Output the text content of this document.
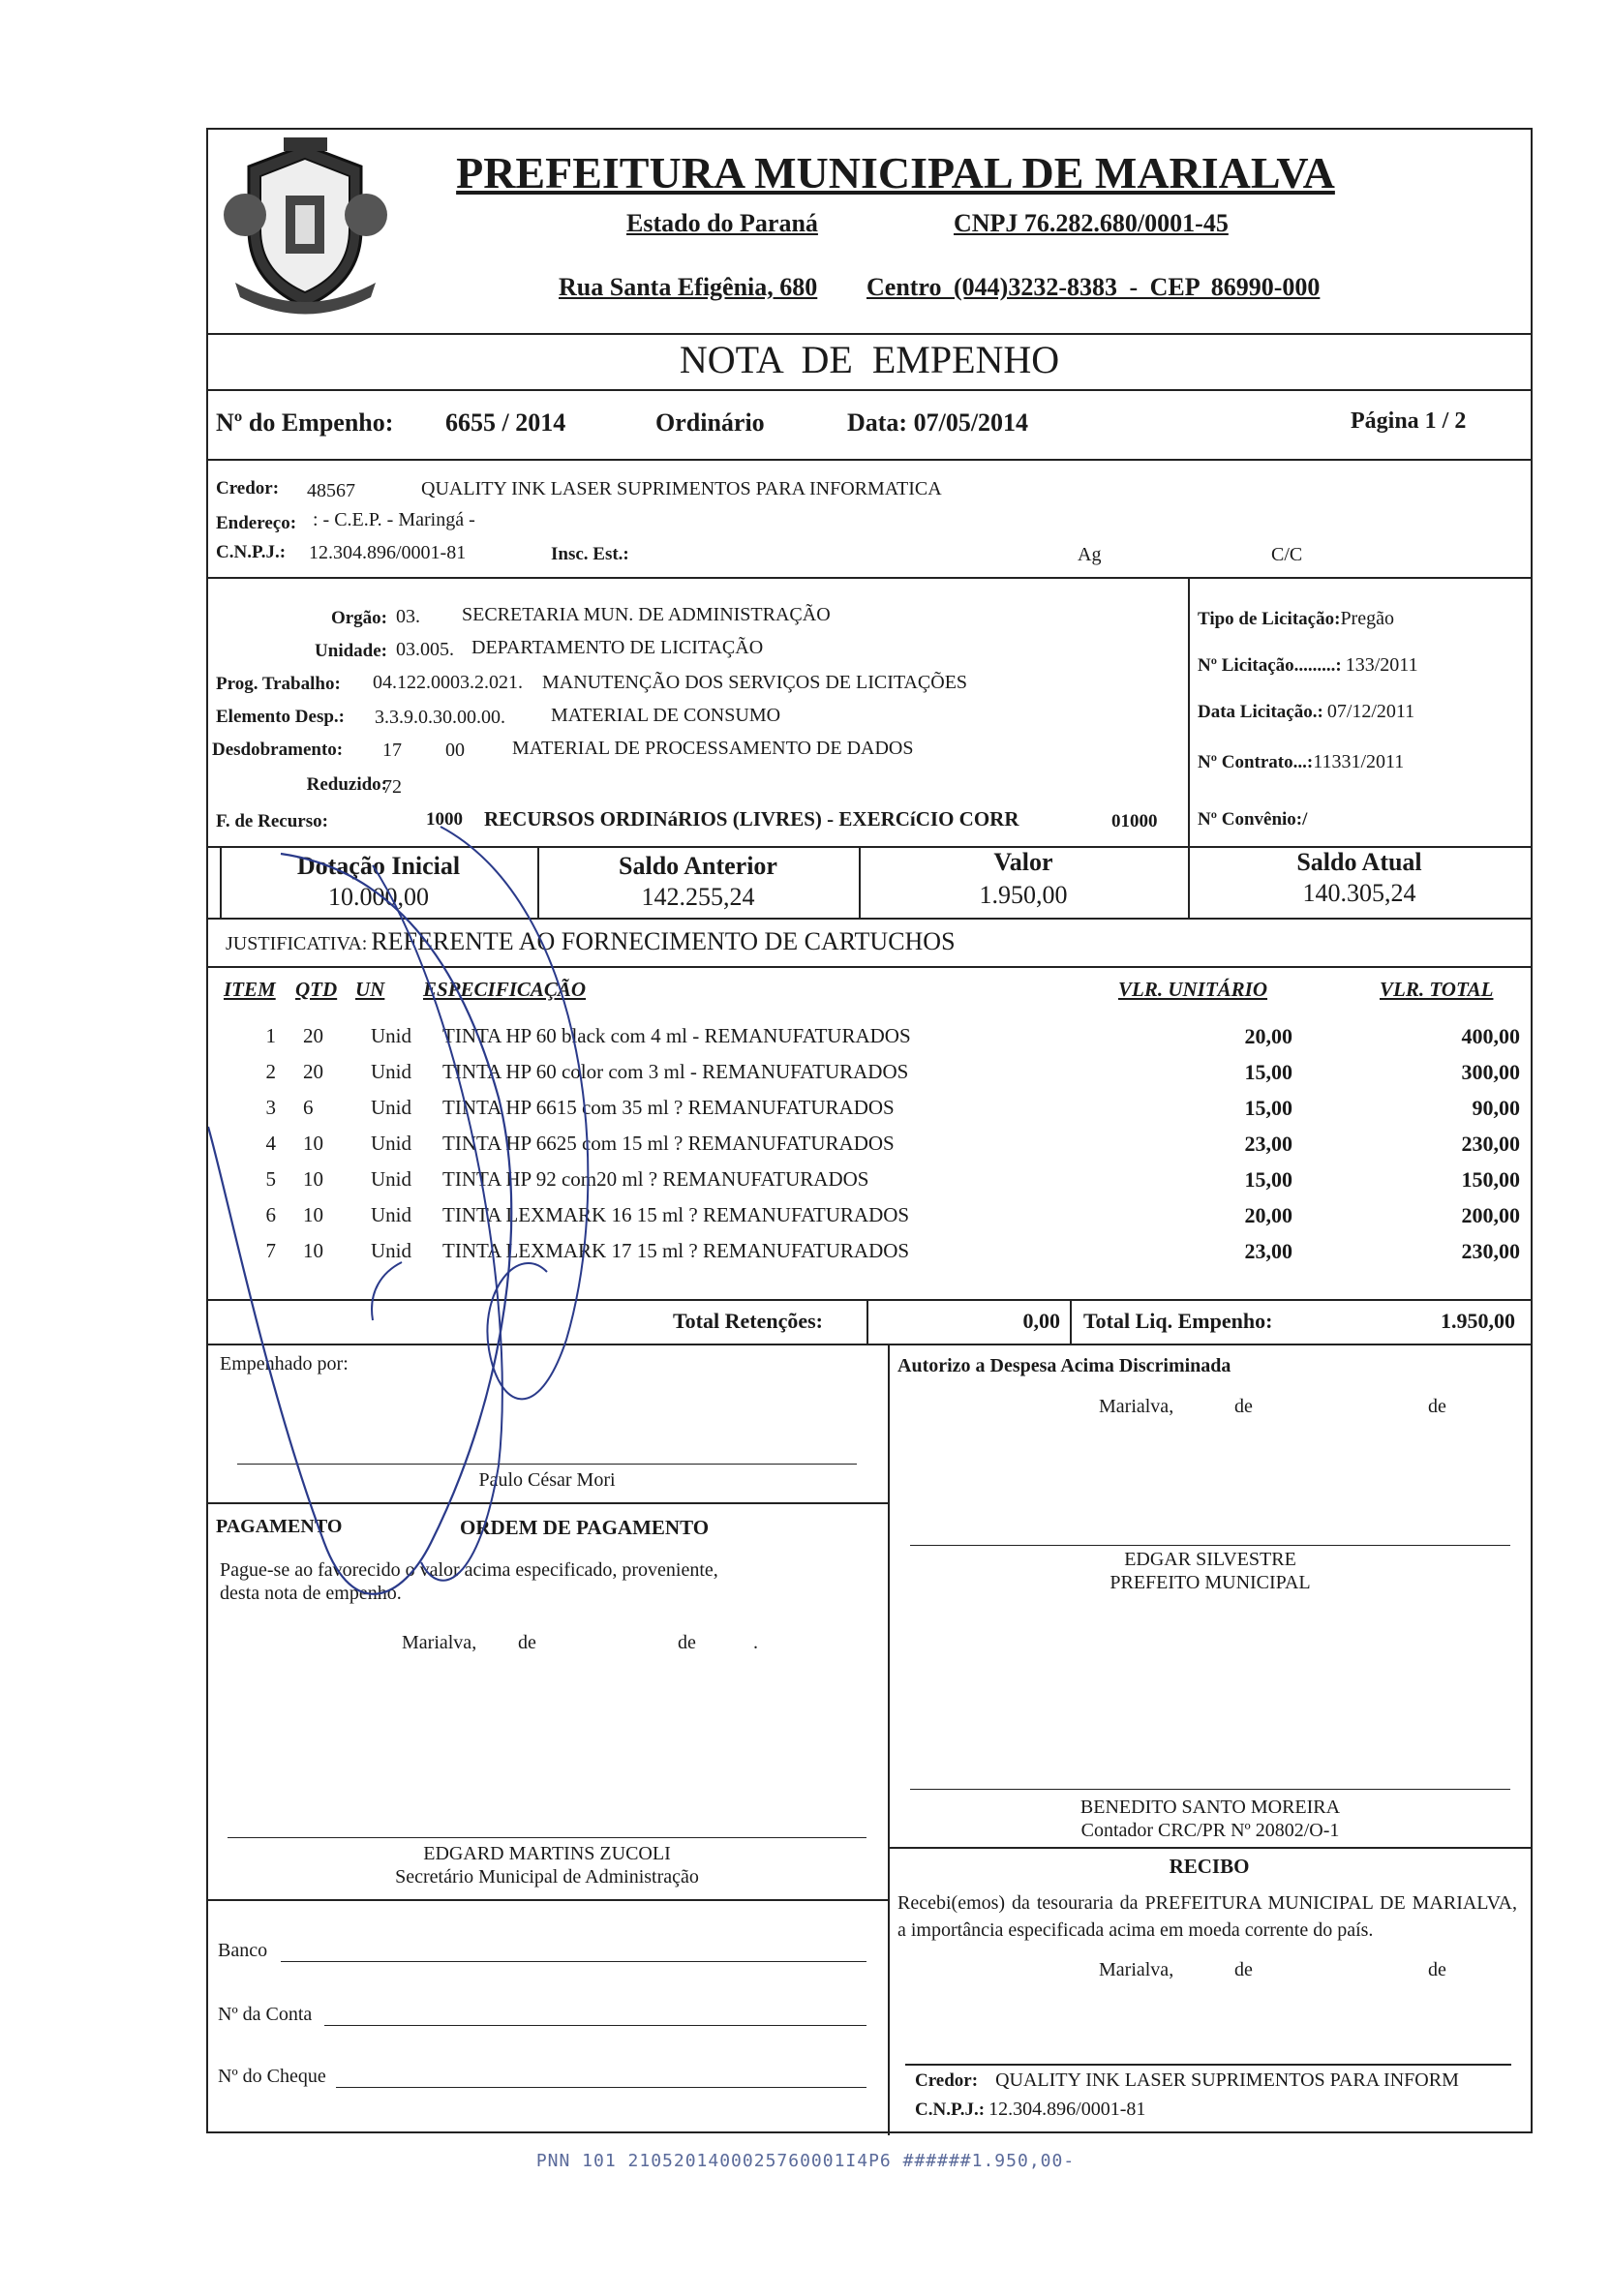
PREFEITURA MUNICIPAL DE MARIALVA
Estado do Paraná	CNPJ 76.282.680/0001-45
Rua Santa Efigênia, 680 Centro (044)3232-8383 - CEP 86990-000
NOTA DE EMPENHO
Nº do Empenho: 6655 / 2014	Ordinário	Data: 07/05/2014	Página 1 / 2
Credor: 48567	QUALITY INK LASER SUPRIMENTOS PARA INFORMATICA
Endereço: : - C.E.P. - Maringá -
C.N.P.J.: 12.304.896/0001-81	Insc. Est.:	Ag	C/C
Orgão: 03. SECRETARIA MUN. DE ADMINISTRAÇÃO
Unidade: 03.005. DEPARTAMENTO DE LICITAÇÃO
Prog. Trabalho: 04.122.0003.2.021. MANUTENÇÃO DOS SERVIÇOS DE LICITAÇÕES
Elemento Desp.: 3.3.9.0.30.00.00. MATERIAL DE CONSUMO
Desdobramento: 17 00 MATERIAL DE PROCESSAMENTO DE DADOS
Reduzido:
72
F. de Recurso:	1000 RECURSOS ORDINáRIOS (LIVRES) - EXERCíCIO CORR	01000
Tipo de Licitação:Pregão
Nº Licitação.........: 133/2011
Data Licitação.: 07/12/2011
Nº Contrato...:11331/2011
Nº Convênio:/
Dotação Inicial
10.000,00
Saldo Anterior
142.255,24
Valor
1.950,00
Saldo Atual
140.305,24
JUSTIFICATIVA: REFERENTE AO FORNECIMENTO DE CARTUCHOS
ITEM QTD UN ESPECIFICAÇÃO	VLR. UNITÁRIO	VLR. TOTAL
1 20	Unid	TINTA HP 60 black com 4 ml - REMANUFATURADOS	20,00	400,00
2 20	Unid	TINTA HP 60 color com 3 ml - REMANUFATURADOS	15,00	300,00
3 6	Unid	TINTA HP 6615 com 35 ml ? REMANUFATURADOS	15,00	90,00
4 10	Unid	TINTA HP 6625 com 15 ml ? REMANUFATURADOS	23,00	230,00
5 10	Unid	TINTA HP 92 com20 ml ? REMANUFATURADOS	15,00	150,00
6 10	Unid	TINTA LEXMARK 16 15 ml ? REMANUFATURADOS	20,00	200,00
7 10	Unid	TINTA LEXMARK 17 15 ml ? REMANUFATURADOS	23,00	230,00
Total Retenções:	0,00 Total Liq. Empenho:	1.950,00
Empenhado por:
Paulo César Mori
Autorizo a Despesa Acima Discriminada
Marialva,	de	de
PAGAMENTO	ORDEM DE PAGAMENTO
Pague-se ao favorecido o valor acima especificado, proveniente, desta nota de empenho.
Marialva, de	de	.
EDGAR SILVESTRE
PREFEITO MUNICIPAL
BENEDITO SANTO MOREIRA
Contador CRC/PR Nº 20802/O-1
EDGARD MARTINS ZUCOLI
Secretário Municipal de Administração	RECIBO
Recebi(emos) da tesouraria da PREFEITURA MUNICIPAL DE MARIALVA, a importância especificada acima em moeda corrente do país.
Marialva,	de	de
Banco
Nº da Conta
Nº do Cheque	Credor: QUALITY INK LASER SUPRIMENTOS PARA INFORM
C.N.P.J.: 12.304.896/0001-81
PNN 101 2105201400025760001I4P6 ######1.950,00-
